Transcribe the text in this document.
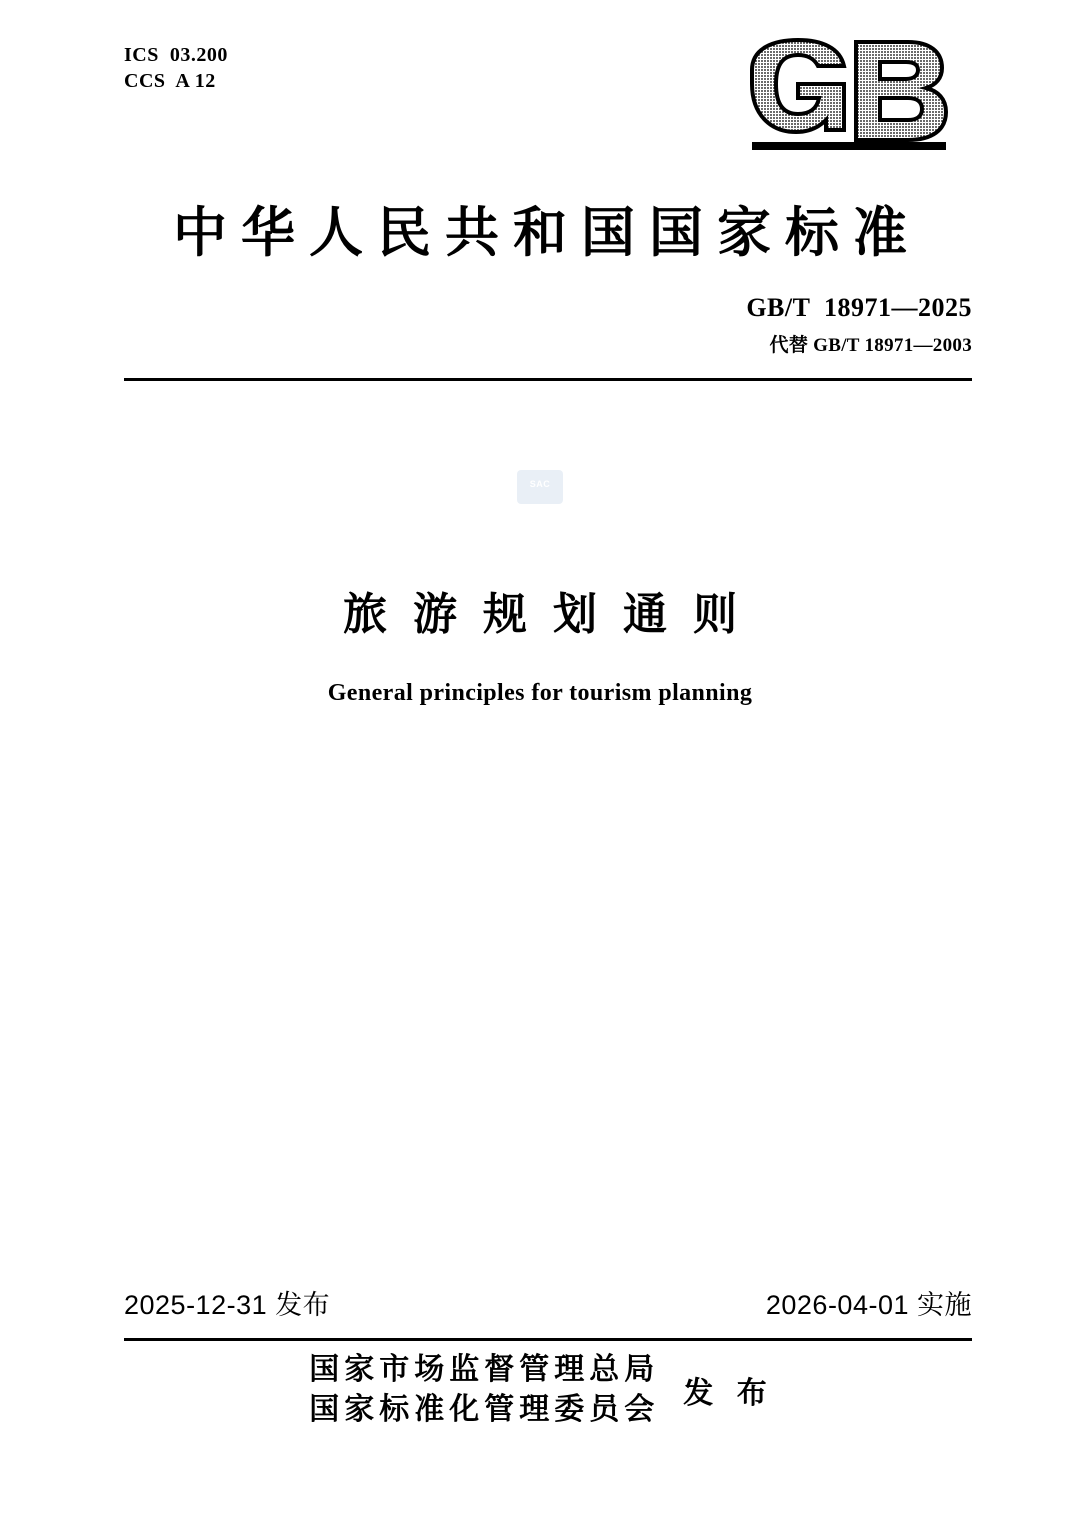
ICS  03.200
CCS  A 12
中华人民共和国国家标准
GB/T  18971—2025
代替 GB/T 18971—2003
SAC
旅游规划通则
General principles for tourism planning
2025-12-31 发布	2026-04-01 实施
国家市场监督管理总局
国家标准化管理委员会 发 布
